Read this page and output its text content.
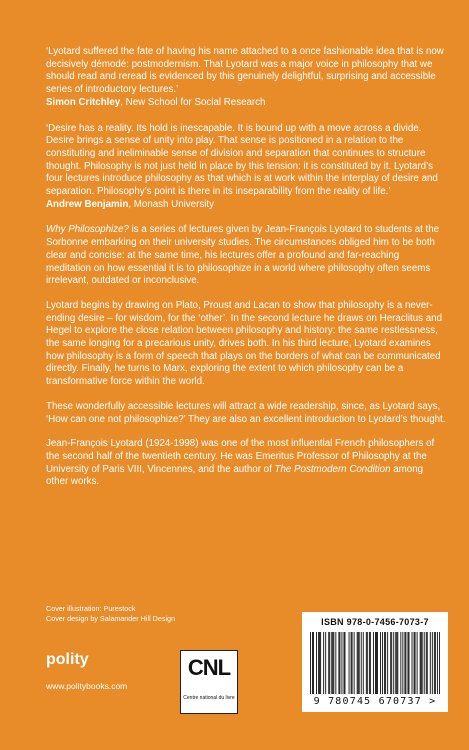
‘Lyotard suffered the fate of having his name attached to a once fashionable idea that is now decisively démodé: postmodernism. That Lyotard was a major voice in philosophy that we should read and reread is evidenced by this genuinely delightful, surprising and accessible series of introductory lectures.’

Simon Critchley, New School for Social Research

‘Desire has a reality. Its hold is inescapable. It is bound up with a move across a divide. Desire brings a sense of unity into play. That sense is positioned in a relation to the constituting and ineliminable sense of division and separation that continues to structure thought. Philosophy is not just held in place by this tension: it is constituted by it. Lyotard’s four lectures introduce philosophy as that which is at work within the interplay of desire and separation. Philosophy’s point is there in its inseparability from the reality of life.’

Andrew Benjamin, Monash University

Why Philosophize? is a series of lectures given by Jean-François Lyotard to students at the Sorbonne embarking on their university studies. The circumstances obliged him to be both clear and concise: at the same time, his lectures offer a profound and far-reaching meditation on how essential it is to philosophize in a world where philosophy often seems irrelevant, outdated or inconclusive.

Lyotard begins by drawing on Plato, Proust and Lacan to show that philosophy is a never-ending desire – for wisdom, for the ‘other’. In the second lecture he draws on Heraclitus and Hegel to explore the close relation between philosophy and history: the same restlessness, the same longing for a precarious unity, drives both. In his third lecture, Lyotard examines how philosophy is a form of speech that plays on the borders of what can be communicated directly. Finally, he turns to Marx, exploring the extent to which philosophy can be a transformative force within the world.

These wonderfully accessible lectures will attract a wide readership, since, as Lyotard says, ‘How can one not philosophize?’ They are also an excellent introduction to Lyotard’s thought.

Jean-François Lyotard (1924-1998) was one of the most influential French philosophers of the second half of the twentieth century. He was Emeritus Professor of Philosophy at the University of Paris VIII, Vincennes, and the author of The Postmodern Condition among other works.

Cover illustration: Purestock
Cover design by Salamander Hill Design
polity
www.politybooks.com
CNL
Centre national du livre
ISBN 978-0-7456-7073-7
9 780745 670737 >
